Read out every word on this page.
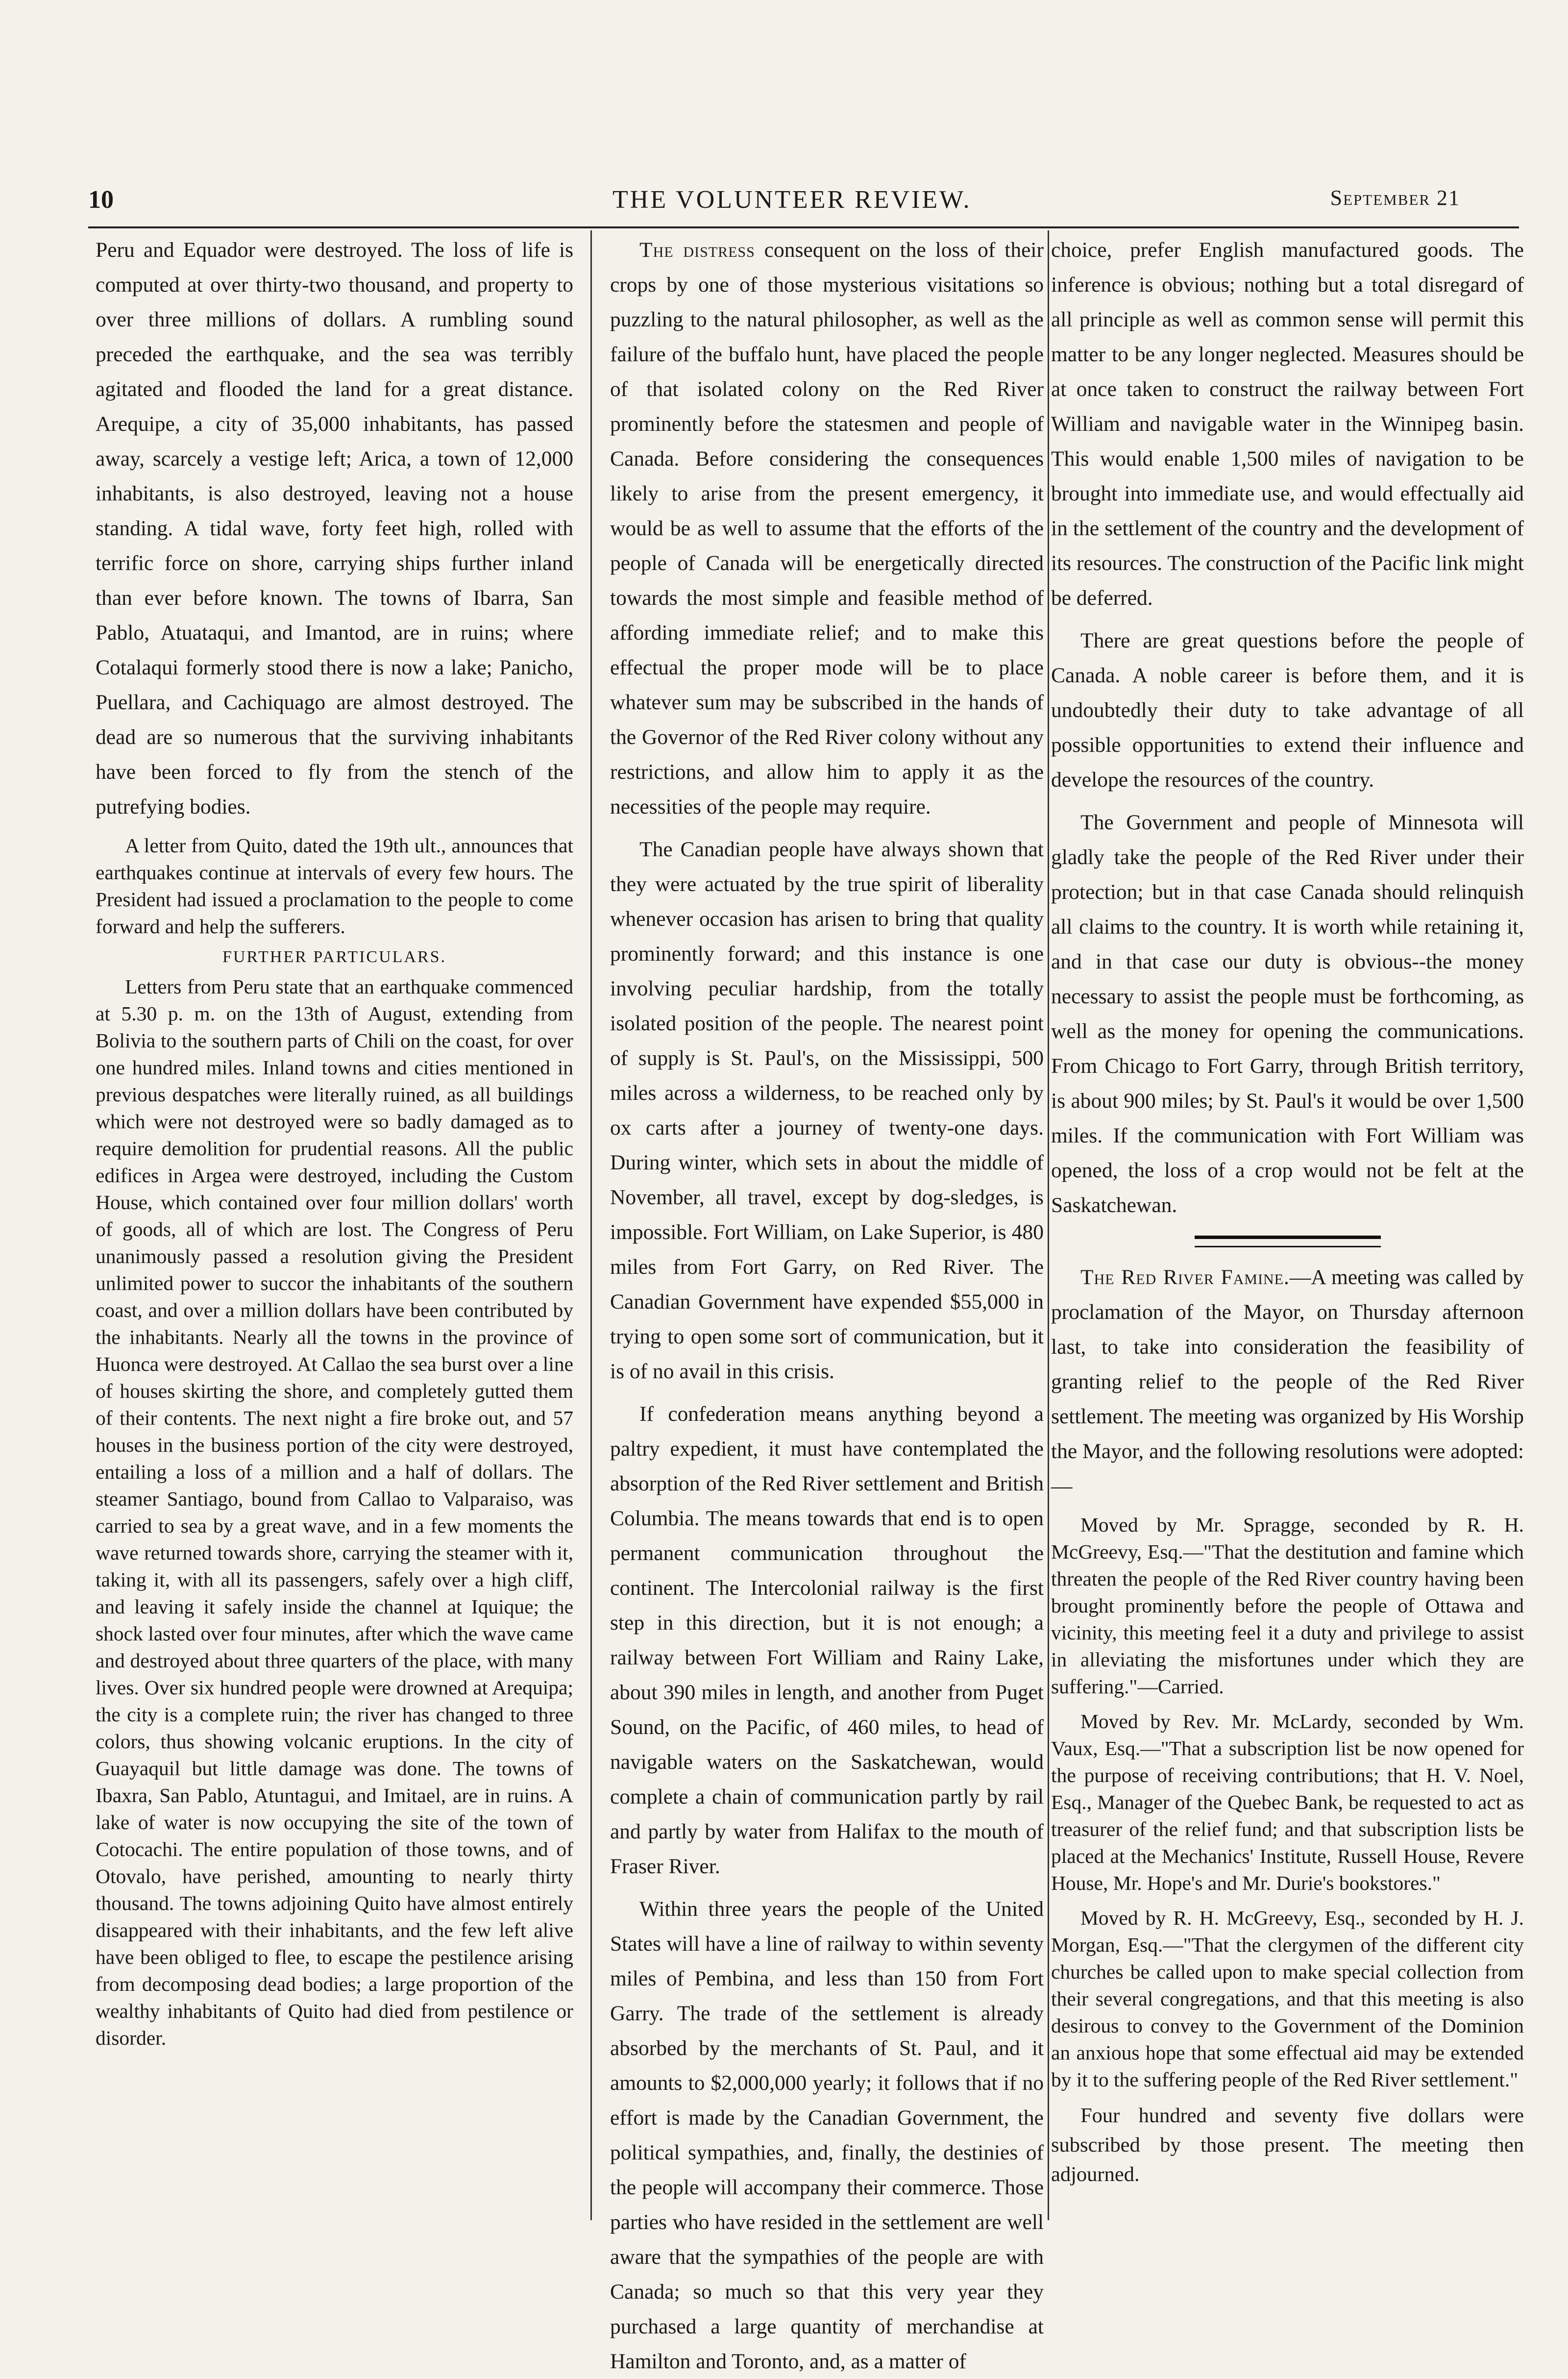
10	THE VOLUNTEER REVIEW.	September 21

Peru and Equador were destroyed. The loss of life is computed at over thirty-two thousand, and property to over three millions of dollars. A rumbling sound preceded the earthquake, and the sea was terribly agitated and flooded the land for a great distance. Arequipe, a city of 35,000 inhabitants, has passed away, scarcely a vestige left; Arica, a town of 12,000 inhabitants, is also destroyed, leaving not a house standing. A tidal wave, forty feet high, rolled with terrific force on shore, carrying ships further inland than ever before known. The towns of Ibarra, San Pablo, Atuataqui, and Imantod, are in ruins; where Cotalaqui formerly stood there is now a lake; Panicho, Puellara, and Cachiquago are almost destroyed. The dead are so numerous that the surviving inhabitants have been forced to fly from the stench of the putrefying bodies.

A letter from Quito, dated the 19th ult., announces that earthquakes continue at intervals of every few hours. The President had issued a proclamation to the people to come forward and help the sufferers.

FURTHER PARTICULARS.

Letters from Peru state that an earthquake commenced at 5.30 p. m. on the 13th of August, extending from Bolivia to the southern parts of Chili on the coast, for over one hundred miles. Inland towns and cities mentioned in previous despatches were literally ruined, as all buildings which were not destroyed were so badly damaged as to require demolition for prudential reasons. All the public edifices in Argea were destroyed, including the Custom House, which contained over four million dollars' worth of goods, all of which are lost. The Congress of Peru unanimously passed a resolution giving the President unlimited power to succor the inhabitants of the southern coast, and over a million dollars have been contributed by the inhabitants. Nearly all the towns in the province of Huonca were destroyed. At Callao the sea burst over a line of houses skirting the shore, and completely gutted them of their contents. The next night a fire broke out, and 57 houses in the business portion of the city were destroyed, entailing a loss of a million and a half of dollars. The steamer Santiago, bound from Callao to Valparaiso, was carried to sea by a great wave, and in a few moments the wave returned towards shore, carrying the steamer with it, taking it, with all its passengers, safely over a high cliff, and leaving it safely inside the channel at Iquique; the shock lasted over four minutes, after which the wave came and destroyed about three quarters of the place, with many lives. Over six hundred people were drowned at Arequipa; the city is a complete ruin; the river has changed to three colors, thus showing volcanic eruptions. In the city of Guayaquil but little damage was done. The towns of Ibaxra, San Pablo, Atuntagui, and Imitael, are in ruins. A lake of water is now occupying the site of the town of Cotocachi. The entire population of those towns, and of Otovalo, have perished, amounting to nearly thirty thousand. The towns adjoining Quito have almost entirely disappeared with their inhabitants, and the few left alive have been obliged to flee, to escape the pestilence arising from decomposing dead bodies; a large proportion of the wealthy inhabitants of Quito had died from pestilence or disorder.

The distress consequent on the loss of their crops by one of those mysterious visitations so puzzling to the natural philosopher, as well as the failure of the buffalo hunt, have placed the people of that isolated colony on the Red River prominently before the statesmen and people of Canada. Before considering the consequences likely to arise from the present emergency, it would be as well to assume that the efforts of the people of Canada will be energetically directed towards the most simple and feasible method of affording immediate relief; and to make this effectual the proper mode will be to place whatever sum may be subscribed in the hands of the Governor of the Red River colony without any restrictions, and allow him to apply it as the necessities of the people may require.

The Canadian people have always shown that they were actuated by the true spirit of liberality whenever occasion has arisen to bring that quality prominently forward; and this instance is one involving peculiar hardship, from the totally isolated position of the people. The nearest point of supply is St. Paul's, on the Mississippi, 500 miles across a wilderness, to be reached only by ox carts after a journey of twenty-one days. During winter, which sets in about the middle of November, all travel, except by dog-sledges, is impossible. Fort William, on Lake Superior, is 480 miles from Fort Garry, on Red River. The Canadian Government have expended $55,000 in trying to open some sort of communication, but it is of no avail in this crisis.

If confederation means anything beyond a paltry expedient, it must have contemplated the absorption of the Red River settlement and British Columbia. The means towards that end is to open permanent communication throughout the continent. The Intercolonial railway is the first step in this direction, but it is not enough; a railway between Fort William and Rainy Lake, about 390 miles in length, and another from Puget Sound, on the Pacific, of 460 miles, to head of navigable waters on the Saskatchewan, would complete a chain of communication partly by rail and partly by water from Halifax to the mouth of Fraser River.

Within three years the people of the United States will have a line of railway to within seventy miles of Pembina, and less than 150 from Fort Garry. The trade of the settlement is already absorbed by the merchants of St. Paul, and it amounts to $2,000,000 yearly; it follows that if no effort is made by the Canadian Government, the political sympathies, and, finally, the destinies of the people will accompany their commerce. Those parties who have resided in the settlement are well aware that the sympathies of the people are with Canada; so much so that this very year they purchased a large quantity of merchandise at Hamilton and Toronto, and, as a matter of

choice, prefer English manufactured goods. The inference is obvious; nothing but a total disregard of all principle as well as common sense will permit this matter to be any longer neglected. Measures should be at once taken to construct the railway between Fort William and navigable water in the Winnipeg basin. This would enable 1,500 miles of navigation to be brought into immediate use, and would effectually aid in the settlement of the country and the development of its resources. The construction of the Pacific link might be deferred.

There are great questions before the people of Canada. A noble career is before them, and it is undoubtedly their duty to take advantage of all possible opportunities to extend their influence and develope the resources of the country.

The Government and people of Minnesota will gladly take the people of the Red River under their protection; but in that case Canada should relinquish all claims to the country. It is worth while retaining it, and in that case our duty is obvious--the money necessary to assist the people must be forthcoming, as well as the money for opening the communications. From Chicago to Fort Garry, through British territory, is about 900 miles; by St. Paul's it would be over 1,500 miles. If the communication with Fort William was opened, the loss of a crop would not be felt at the Saskatchewan.

The Red River Famine.—A meeting was called by proclamation of the Mayor, on Thursday afternoon last, to take into consideration the feasibility of granting relief to the people of the Red River settlement. The meeting was organized by His Worship the Mayor, and the following resolutions were adopted:—

Moved by Mr. Spragge, seconded by R. H. McGreevy, Esq.—"That the destitution and famine which threaten the people of the Red River country having been brought prominently before the people of Ottawa and vicinity, this meeting feel it a duty and privilege to assist in alleviating the misfortunes under which they are suffering."—Carried.

Moved by Rev. Mr. McLardy, seconded by Wm. Vaux, Esq.—"That a subscription list be now opened for the purpose of receiving contributions; that H. V. Noel, Esq., Manager of the Quebec Bank, be requested to act as treasurer of the relief fund; and that subscription lists be placed at the Mechanics' Institute, Russell House, Revere House, Mr. Hope's and Mr. Durie's bookstores."

Moved by R. H. McGreevy, Esq., seconded by H. J. Morgan, Esq.—"That the clergymen of the different city churches be called upon to make special collection from their several congregations, and that this meeting is also desirous to convey to the Government of the Dominion an anxious hope that some effectual aid may be extended by it to the suffering people of the Red River settlement."

Four hundred and seventy five dollars were subscribed by those present. The meeting then adjourned.
